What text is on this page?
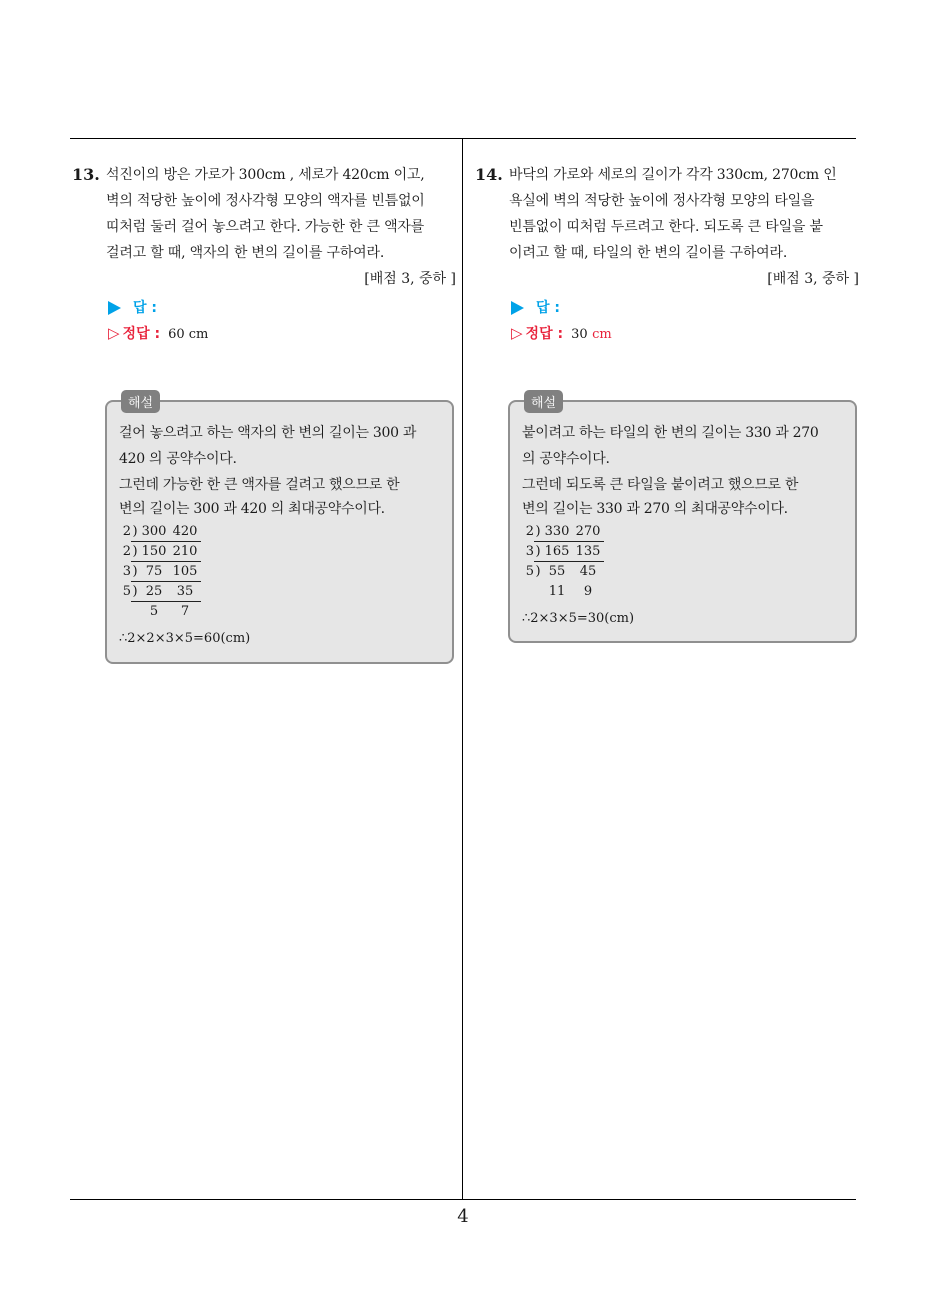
4
13. 석진이의 방은 가로가 300cm , 세로가 420cm 이고,
벽의 적당한 높이에 정사각형 모양의 액자를 빈틈없이
띠처럼 둘러 걸어 놓으려고 한다. 가능한 한 큰 액자를
걸려고 할 때, 액자의 한 변의 길이를 구하여라.
[배점 3, 중하 ]
답 :
▷ 정답 : 60 cm
해설
걸어 놓으려고 하는 액자의 한 변의 길이는 300 과
420 의 공약수이다.
그런데 가능한 한 큰 액자를 걸려고 했으므로 한
변의 길이는 300 과 420 의 최대공약수이다.
2) 300 420
2) 150 210
3) 75 105
5) 25 35
5 7
∴2×2×3×5=60(cm)
14. 바닥의 가로와 세로의 길이가 각각 330cm, 270cm 인
욕실에 벽의 적당한 높이에 정사각형 모양의 타일을
빈틈없이 띠처럼 두르려고 한다. 되도록 큰 타일을 붙
이려고 할 때, 타일의 한 변의 길이를 구하여라.
[배점 3, 중하 ]
답 :
▷ 정답 : 30 cm
해설
붙이려고 하는 타일의 한 변의 길이는 330 과 270
의 공약수이다.
그런데 되도록 큰 타일을 붙이려고 했으므로 한
변의 길이는 330 과 270 의 최대공약수이다.
2) 330 270
3) 165 135
5) 55 45
11 9
∴2×3×5=30(cm)
